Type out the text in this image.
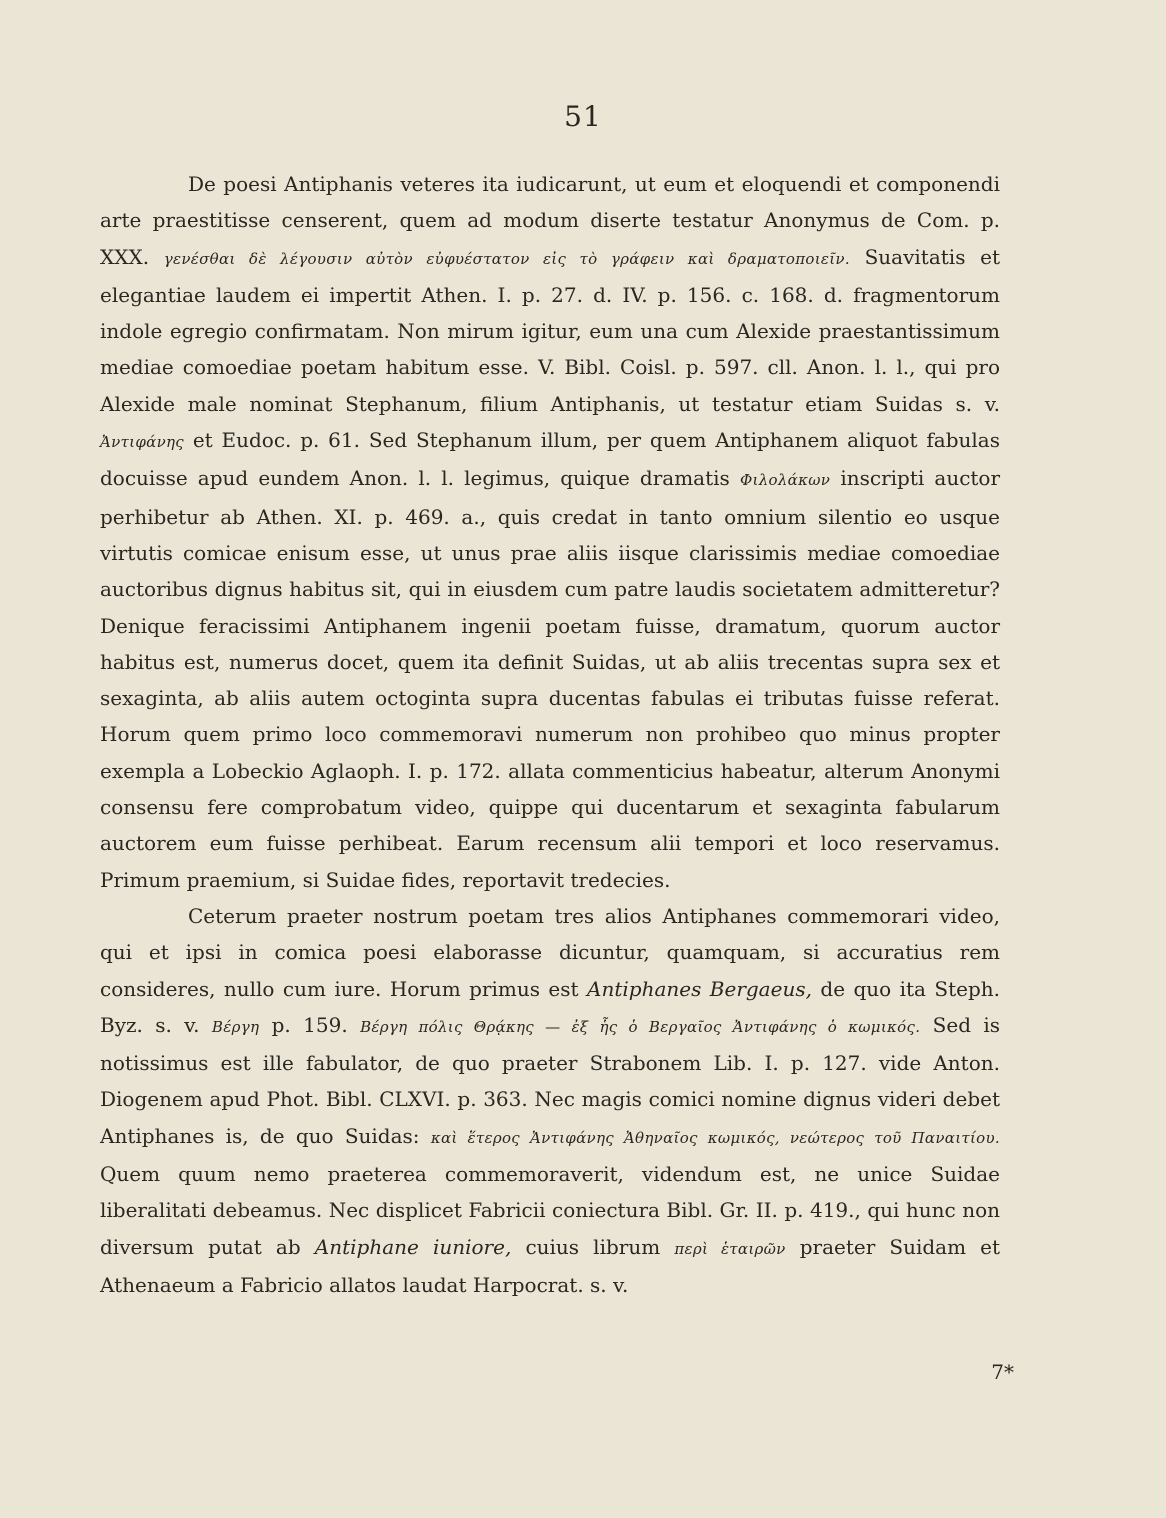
51

De poesi Antiphanis veteres ita iudicarunt, ut eum et eloquendi et componendi arte praestitisse censerent, quem ad modum diserte testatur Anonymus de Com. p. XXX. γενέσθαι δὲ λέγουσιν αὐτὸν εὐφυέστατον εἰς τὸ γράφειν καὶ δραματοποιεῖν. Suavitatis et elegantiae laudem ei impertit Athen. I. p. 27. d. IV. p. 156. c. 168. d. fragmentorum indole egregio confirmatam. Non mirum igitur, eum una cum Alexide praestantissimum mediae comoediae poetam habitum esse. V. Bibl. Coisl. p. 597. cll. Anon. l. l., qui pro Alexide male nominat Stephanum, filium Antiphanis, ut testatur etiam Suidas s. v. Ἀντιφάνης et Eudoc. p. 61. Sed Stephanum illum, per quem Antiphanem aliquot fabulas docuisse apud eundem Anon. l. l. legimus, quique dramatis Φιλολάκων inscripti auctor perhibetur ab Athen. XI. p. 469. a., quis credat in tanto omnium silentio eo usque virtutis comicae enisum esse, ut unus prae aliis iisque clarissimis mediae comoediae auctoribus dignus habitus sit, qui in eiusdem cum patre laudis societatem admitteretur? Denique feracissimi Antiphanem ingenii poetam fuisse, dramatum, quorum auctor habitus est, numerus docet, quem ita definit Suidas, ut ab aliis trecentas supra sex et sexaginta, ab aliis autem octoginta supra ducentas fabulas ei tributas fuisse referat. Horum quem primo loco commemoravi numerum non prohibeo quo minus propter exempla a Lobeckio Aglaoph. I. p. 172. allata commenticius habeatur, alterum Anonymi consensu fere comprobatum video, quippe qui ducentarum et sexaginta fabularum auctorem eum fuisse perhibeat. Earum recensum alii tempori et loco reservamus. Primum praemium, si Suidae fides, reportavit tredecies.

Ceterum praeter nostrum poetam tres alios Antiphanes commemorari video, qui et ipsi in comica poesi elaborasse dicuntur, quamquam, si accuratius rem consideres, nullo cum iure. Horum primus est Antiphanes Bergaeus, de quo ita Steph. Byz. s. v. Βέργη p. 159. Βέργη πόλις Θρᾴκης — ἐξ ἧς ὁ Βεργαῖος Ἀντιφάνης ὁ κωμικός. Sed is notissimus est ille fabulator, de quo praeter Strabonem Lib. I. p. 127. vide Anton. Diogenem apud Phot. Bibl. CLXVI. p. 363. Nec magis comici nomine dignus videri debet Antiphanes is, de quo Suidas: καὶ ἕτερος Ἀντιφάνης Ἀθηναῖος κωμικός, νεώτερος τοῦ Παναιτίου. Quem quum nemo praeterea commemoraverit, videndum est, ne unice Suidae liberalitati debeamus. Nec displicet Fabricii coniectura Bibl. Gr. II. p. 419., qui hunc non diversum putat ab Antiphane iuniore, cuius librum περὶ ἑταιρῶν praeter Suidam et Athenaeum a Fabricio allatos laudat Harpocrat. s. v.

7*
